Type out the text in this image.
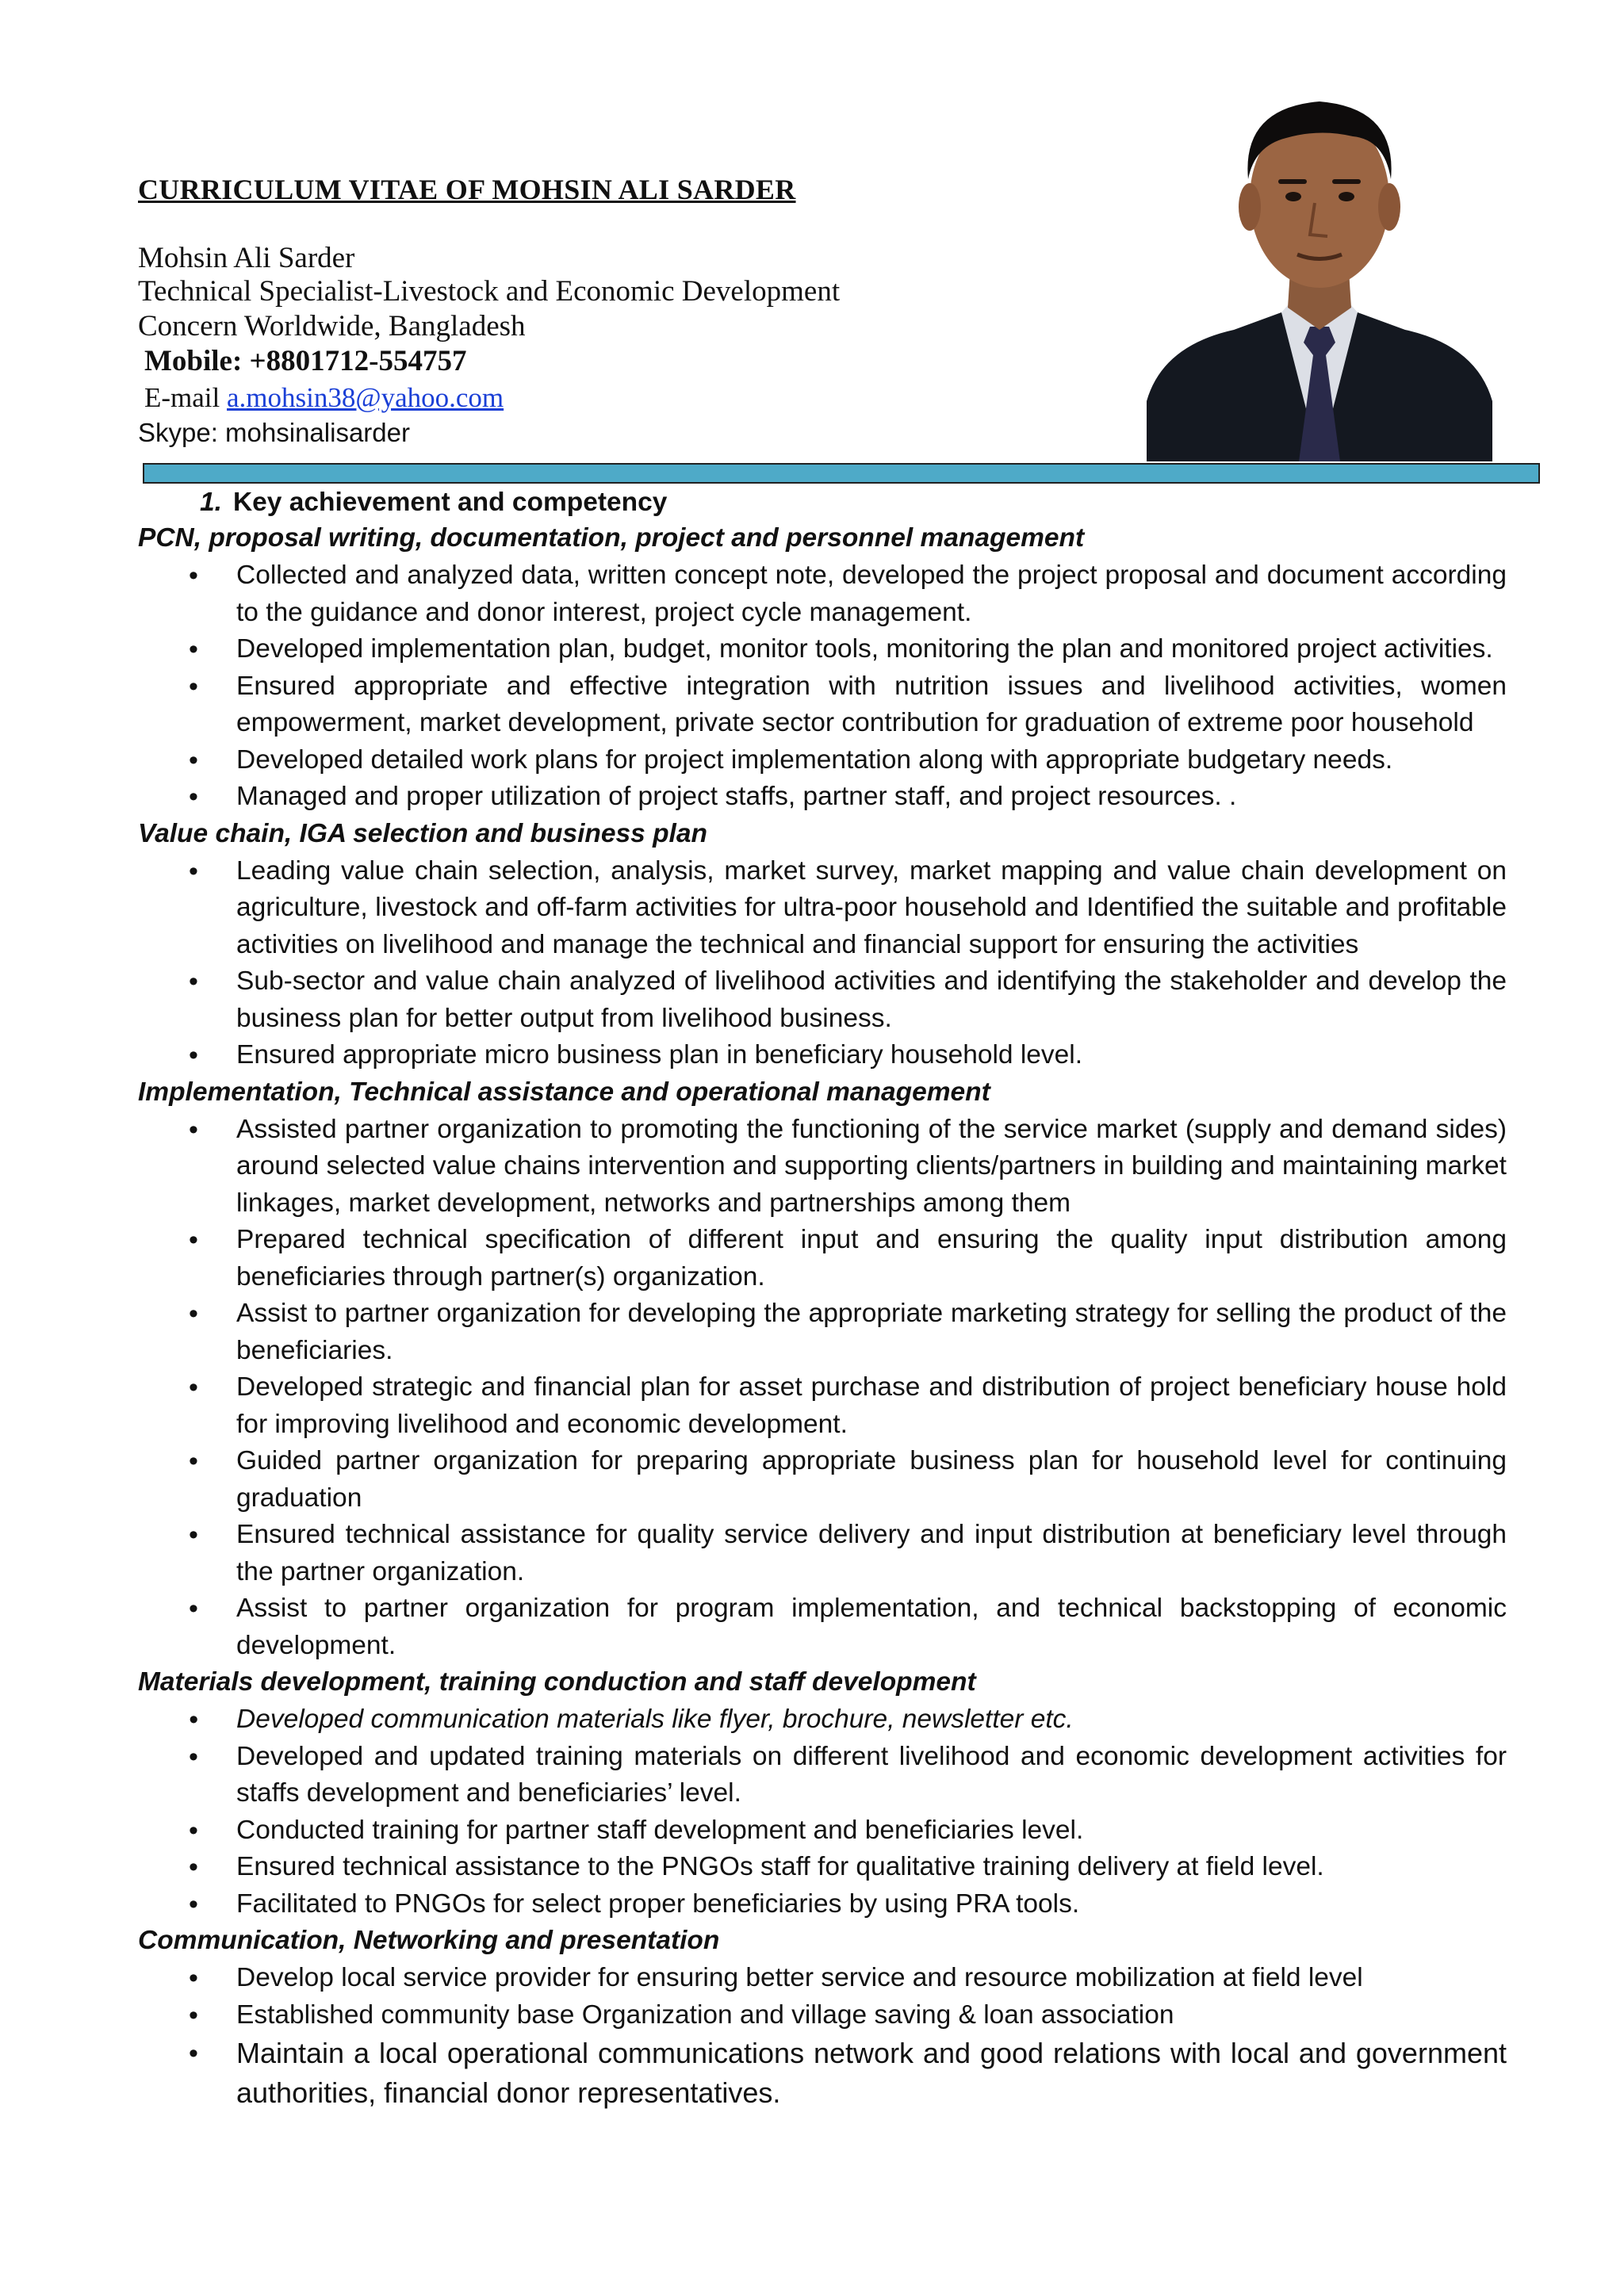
CURRICULUM VITAE OF MOHSIN ALI SARDER
Mohsin Ali Sarder
Technical Specialist-Livestock and Economic Development
Concern Worldwide, Bangladesh
Mobile: +8801712-554757
E-mail a.mohsin38@yahoo.com
Skype: mohsinalisarder
1. Key achievement and competency
PCN, proposal writing, documentation, project and personnel management
• Collected and analyzed data, written concept note, developed the project proposal and document according to the guidance and donor interest, project cycle management.
• Developed implementation plan, budget, monitor tools, monitoring the plan and monitored project activities.
• Ensured appropriate and effective integration with nutrition issues and livelihood activities, women empowerment, market development, private sector contribution for graduation of extreme poor household
• Developed detailed work plans for project implementation along with appropriate budgetary needs.
• Managed and proper utilization of project staffs, partner staff, and project resources. .
Value chain, IGA selection and business plan
• Leading value chain selection, analysis, market survey, market mapping and value chain development on agriculture, livestock and off-farm activities for ultra-poor household and Identified the suitable and profitable activities on livelihood and manage the technical and financial support for ensuring the activities
• Sub-sector and value chain analyzed of livelihood activities and identifying the stakeholder and develop the business plan for better output from livelihood business.
• Ensured appropriate micro business plan in beneficiary household level.
Implementation, Technical assistance and operational management
• Assisted partner organization to promoting the functioning of the service market (supply and demand sides) around selected value chains intervention and supporting clients/partners in building and maintaining market linkages, market development, networks and partnerships among them
• Prepared technical specification of different input and ensuring the quality input distribution among beneficiaries through partner(s) organization.
• Assist to partner organization for developing the appropriate marketing strategy for selling the product of the beneficiaries.
• Developed strategic and financial plan for asset purchase and distribution of project beneficiary house hold for improving livelihood and economic development.
• Guided partner organization for preparing appropriate business plan for household level for continuing graduation
• Ensured technical assistance for quality service delivery and input distribution at beneficiary level through the partner organization.
• Assist to partner organization for program implementation, and technical backstopping of economic development.
Materials development, training conduction and staff development
• Developed communication materials like flyer, brochure, newsletter etc.
• Developed and updated training materials on different livelihood and economic development activities for staffs development and beneficiaries’ level.
• Conducted training for partner staff development and beneficiaries level.
• Ensured technical assistance to the PNGOs staff for qualitative training delivery at field level.
• Facilitated to PNGOs for select proper beneficiaries by using PRA tools.
Communication, Networking and presentation
• Develop local service provider for ensuring better service and resource mobilization at field level
• Established community base Organization and village saving & loan association
• Maintain a local operational communications network and good relations with local and government authorities, financial donor representatives.
